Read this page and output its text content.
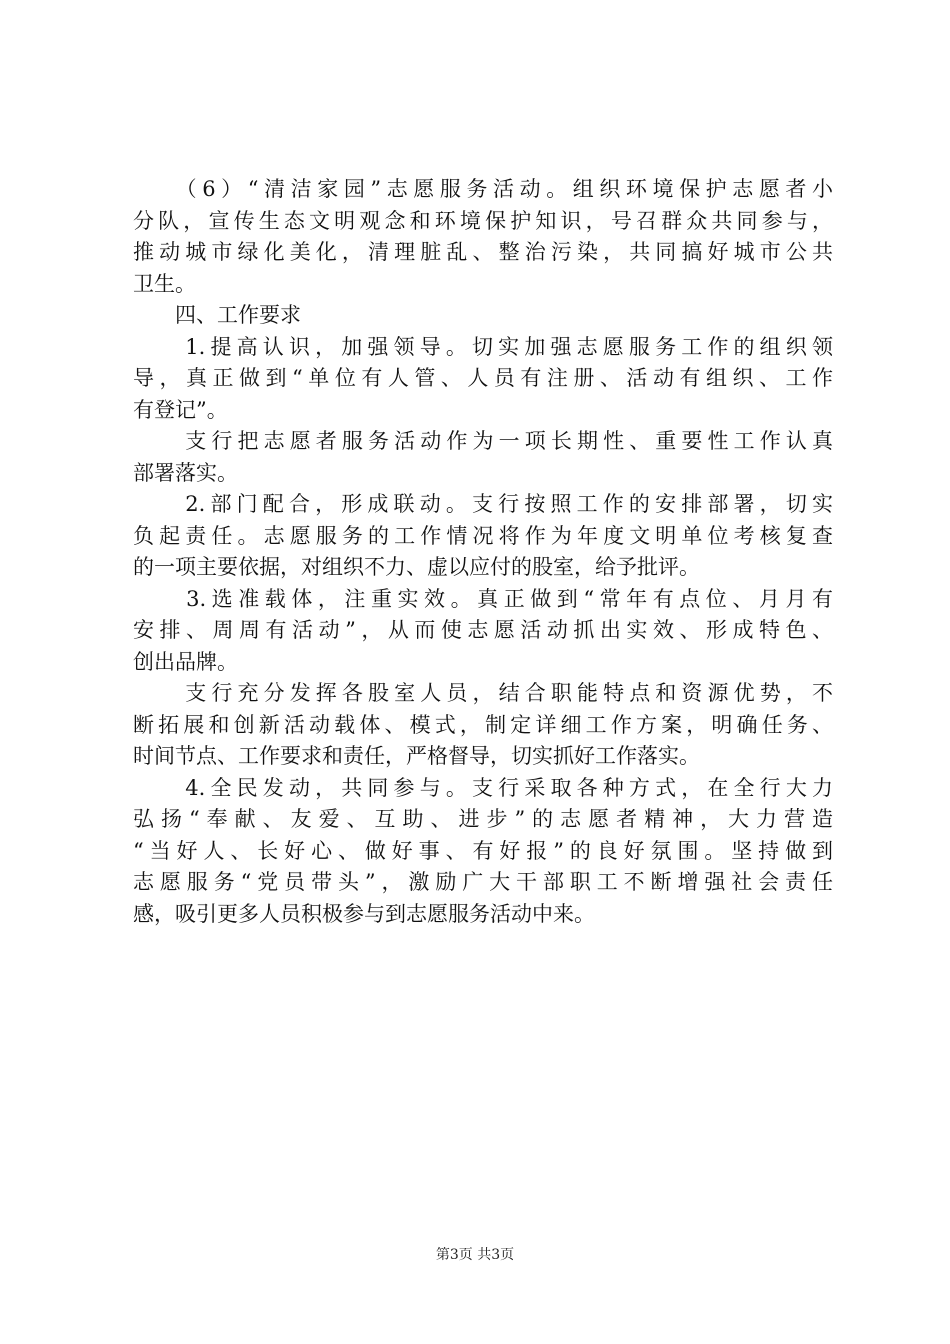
　　（6）“清洁家园”志愿服务活动。组织环境保护志愿者小
分队，宣传生态文明观念和环境保护知识，号召群众共同参与，
推动城市绿化美化，清理脏乱、整治污染，共同搞好城市公共
卫生。
　　四、工作要求
　　1.提高认识，加强领导。切实加强志愿服务工作的组织领
导，真正做到“单位有人管、人员有注册、活动有组织、工作
有登记”。
　　支行把志愿者服务活动作为一项长期性、重要性工作认真
部署落实。
　　2.部门配合，形成联动。支行按照工作的安排部署，切实
负起责任。志愿服务的工作情况将作为年度文明单位考核复查
的一项主要依据，对组织不力、虚以应付的股室，给予批评。
　　3.选准载体，注重实效。真正做到“常年有点位、月月有
安排、周周有活动”，从而使志愿活动抓出实效、形成特色、
创出品牌。
　　支行充分发挥各股室人员，结合职能特点和资源优势，不
断拓展和创新活动载体、模式，制定详细工作方案，明确任务、
时间节点、工作要求和责任，严格督导，切实抓好工作落实。
　　4.全民发动，共同参与。支行采取各种方式，在全行大力
弘扬“奉献、友爱、互助、进步”的志愿者精神，大力营造
“当好人、长好心、做好事、有好报”的良好氛围。坚持做到
志愿服务“党员带头”，激励广大干部职工不断增强社会责任
感，吸引更多人员积极参与到志愿服务活动中来。
第3页 共3页
